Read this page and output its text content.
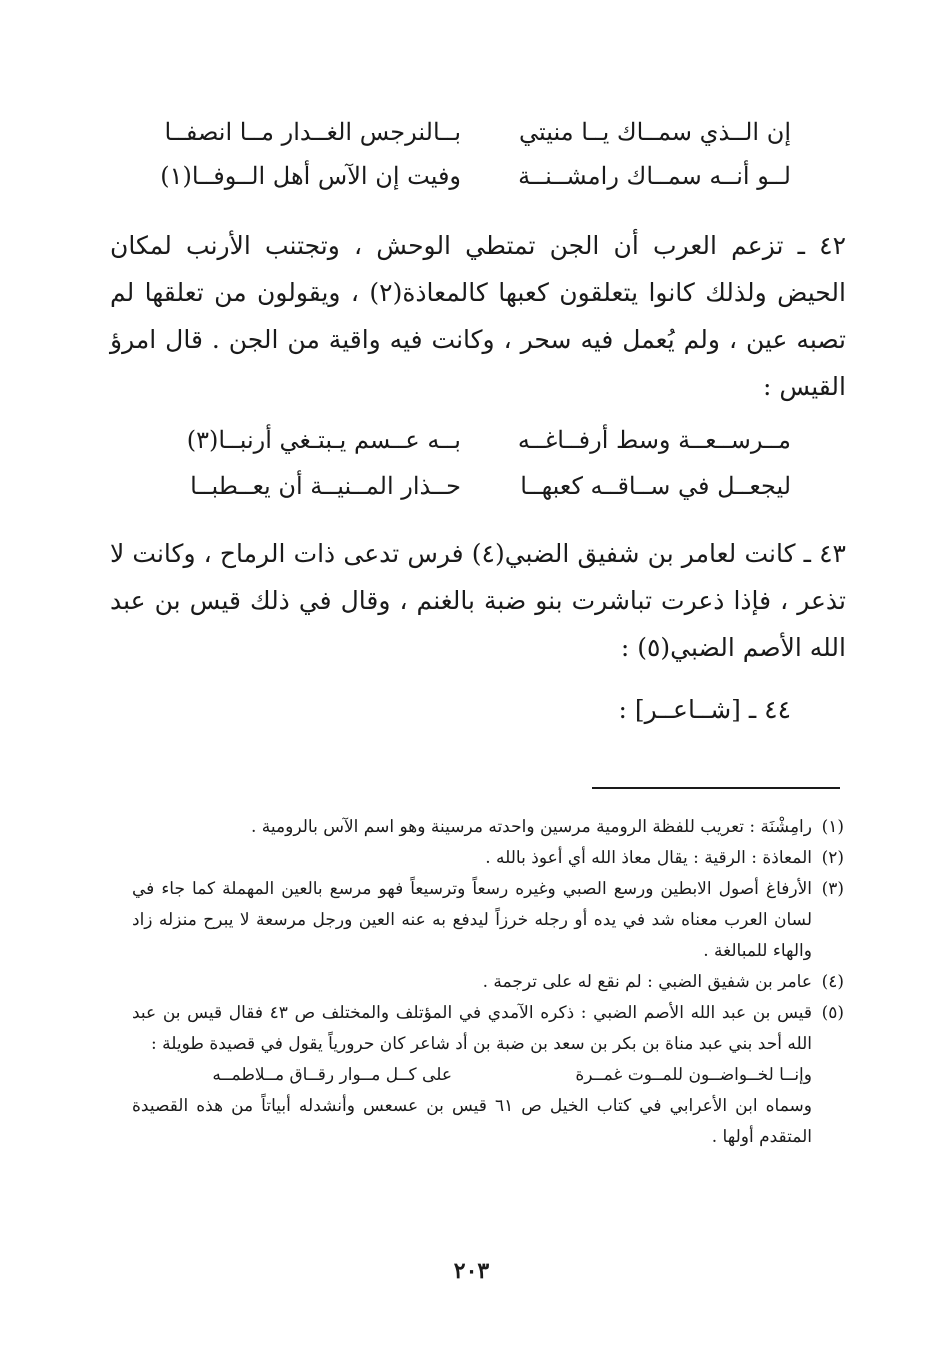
إن الــذي سمــاك يــا منيتي
بــالنرجس الغــدار مــا انصفــا
لــو أنــه سمــاك رامشــنــة
وفيت إن الآس أهل الــوفــا(١)
٤٢ ـ تزعم العرب أن الجن تمتطي الوحش ، وتجتنب الأرنب لمكان الحيض ولذلك كانوا يتعلقون كعبها كالمعاذة(٢) ، ويقولون من تعلقها لم تصبه عين ، ولم يُعمل فيه سحر ، وكانت فيه واقية من الجن . قال امرؤ القيس :
مــرســعــة وسط أرفــاغــه
بــه عــسم يـبتـغي أرنبــا(٣)
ليجعــل في ســاقــه كعبهــا
حــذار المــنيــة أن يعــطبــا
٤٣ ـ كانت لعامر بن شفيق الضبي(٤) فرس تدعى ذات الرماح ، وكانت لا تذعر ، فإذا ذعرت تباشرت بنو ضبة بالغنم ، وقال في ذلك قيس بن عبد الله الأصم الضبي(٥) :
٤٤ ـ [شــاعــر] :
(١)
رامِشْنَة : تعريب للفظة الرومية مرسين واحدته مرسينة وهو اسم الآس بالرومية .
(٢)
المعاذة : الرقية : يقال معاذ الله أي أعوذ بالله .
(٣)
الأرفاغ أصول الابطين ورسع الصبي وغيره رسعاً وترسيعاً فهو مرسع بالعين المهملة كما جاء في لسان العرب معناه شد في يده أو رجله خرزاً ليدفع به عنه العين ورجل مرسعة لا يبرح منزله زاد والهاء للمبالغة .
(٤)
عامر بن شفيق الضبي : لم نقع له على ترجمة .
(٥)
قيس بن عبد الله الأصم الضبي : ذكره الآمدي في المؤتلف والمختلف ص ٤٣ فقال قيس بن عبد الله أحد بني عبد مناة بن بكر بن سعد بن ضبة بن أد شاعر كان حرورياً يقول في قصيدة طويلة :
وإنــا لخــواضــون للمــوت غمــرة
على كــل مــوار رقــاق مــلاطمــه
وسماه ابن الأعرابي في كتاب الخيل ص ٦١ قيس بن عسعس وأنشدله أبياتاً من هذه القصيدة المتقدم أولها .
٢٠٣
